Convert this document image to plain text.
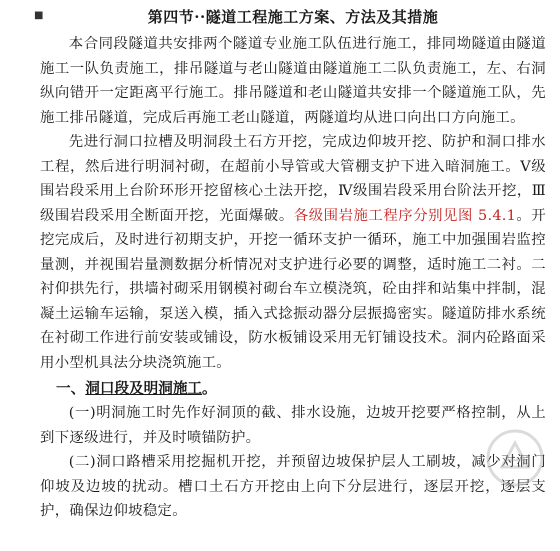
■	第四节··隧道工程施工方案、方法及其措施

本合同段隧道共安排两个隧道专业施工队伍进行施工，排同坳隧道由隧道施工一队负责施工，排吊隧道与老山隧道由隧道施工二队负责施工，左、右洞纵向错开一定距离平行施工。排吊隧道和老山隧道共安排一个隧道施工队，先施工排吊隧道，完成后再施工老山隧道，两隧道均从进口向出口方向施工。

先进行洞口拉槽及明洞段土石方开挖，完成边仰坡开挖、防护和洞口排水工程，然后进行明洞衬砌，在超前小导管或大管棚支护下进入暗洞施工。Ⅴ级围岩段采用上台阶环形开挖留核心土法开挖，Ⅳ级围岩段采用台阶法开挖，Ⅲ级围岩段采用全断面开挖，光面爆破。各级围岩施工程序分别见图 5.4.1。开挖完成后，及时进行初期支护，开挖一循环支护一循环，施工中加强围岩监控量测，并视围岩量测数据分析情况对支护进行必要的调整，适时施工二衬。二衬仰拱先行，拱墙衬砌采用钢模衬砌台车立模浇筑，砼由拌和站集中拌制，混凝土运输车运输，泵送入模，插入式捻振动器分层振捣密实。隧道防排水系统在衬砌工作进行前安装或铺设，防水板铺设采用无钉铺设技术。洞内砼路面采用小型机具法分块浇筑施工。

一、洞口段及明洞施工。

(一)明洞施工时先作好洞顶的截、排水设施，边坡开挖要严格控制，从上到下逐级进行，并及时喷锚防护。

(二)洞口路槽采用挖掘机开挖，并预留边坡保护层人工刷坡，减少对洞门仰坡及边坡的扰动。槽口土石方开挖由上向下分层进行，逐层开挖，逐层支护，确保边仰坡稳定。
